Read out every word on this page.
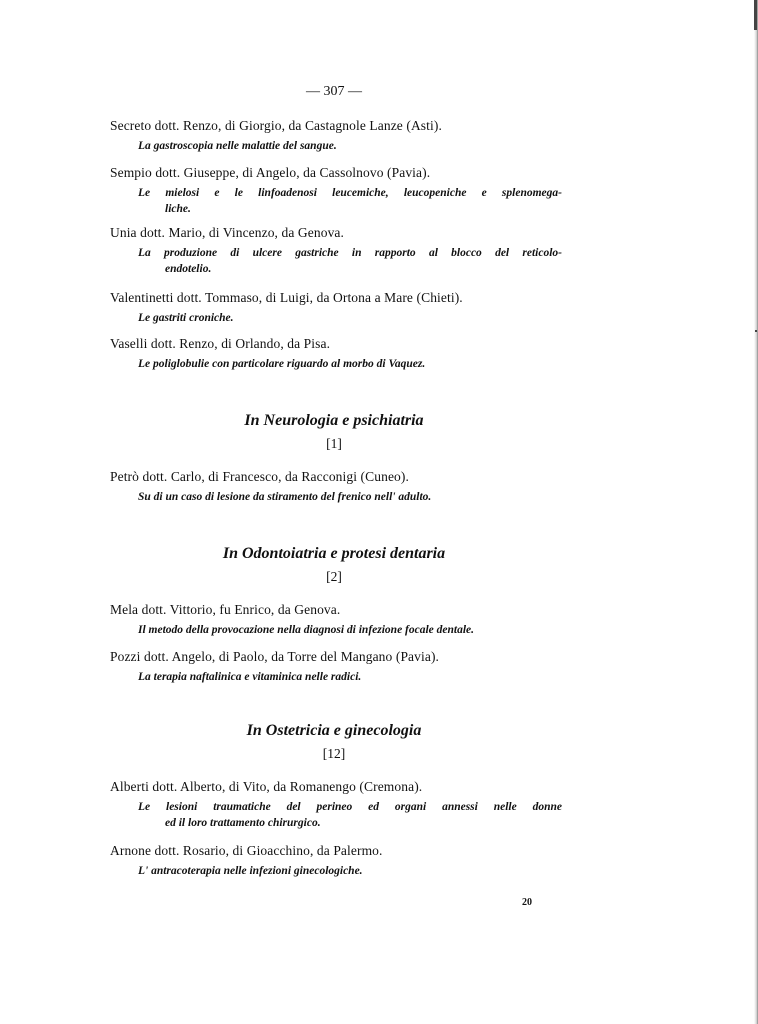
— 307 —
Secreto dott. Renzo, di Giorgio, da Castagnole Lanze (Asti).
La gastroscopia nelle malattie del sangue.
Sempio dott. Giuseppe, di Angelo, da Cassolnovo (Pavia).
Le mielosi e le linfoadenosi leucemiche, leucopeniche e splenomega-
liche.
Unia dott. Mario, di Vincenzo, da Genova.
La produzione di ulcere gastriche in rapporto al blocco del reticolo-
endotelio.
Valentinetti dott. Tommaso, di Luigi, da Ortona a Mare (Chieti).
Le gastriti croniche.
Vaselli dott. Renzo, di Orlando, da Pisa.
Le poliglobulie con particolare riguardo al morbo di Vaquez.
In Neurologia e psichiatria
[1]
Petrò dott. Carlo, di Francesco, da Racconigi (Cuneo).
Su di un caso di lesione da stiramento del frenico nell' adulto.
In Odontoiatria e protesi dentaria
[2]
Mela dott. Vittorio, fu Enrico, da Genova.
Il metodo della provocazione nella diagnosi di infezione focale dentale.
Pozzi dott. Angelo, di Paolo, da Torre del Mangano (Pavia).
La terapia naftalinica e vitaminica nelle radici.
In Ostetricia e ginecologia
[12]
Alberti dott. Alberto, di Vito, da Romanengo (Cremona).
Le lesioni traumatiche del perineo ed organi annessi nelle donne
ed il loro trattamento chirurgico.
Arnone dott. Rosario, di Gioacchino, da Palermo.
L' antracoterapia nelle infezioni ginecologiche.
20
